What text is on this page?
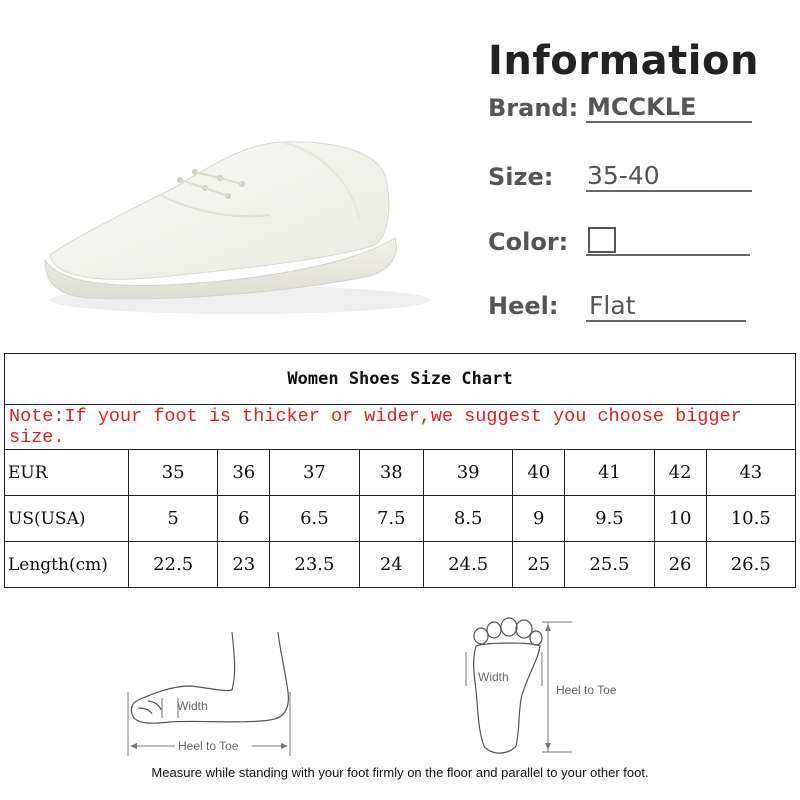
Information
Brand: MCCKLE
Size: 35-40
Color:
Heel: Flat
Women Shoes Size Chart									
Note:If your foot is thicker or wider,we suggest you choose bigger size.									
EUR	35	36	37	38	39	40	41	42	43
US(USA)	5	6	6.5	7.5	8.5	9	9.5	10	10.5
Length(cm)	22.5	23	23.5	24	24.5	25	25.5	26	26.5
Width
Heel to Toe
Width
Heel to Toe
Measure while standing with your foot firmly on the floor and parallel to your other foot.
